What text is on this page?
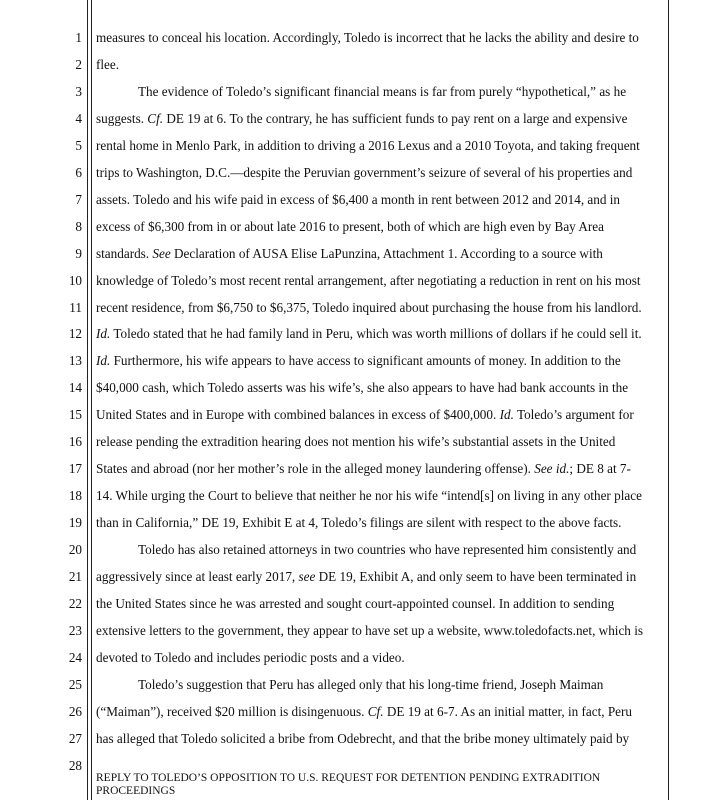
1 measures to conceal his location. Accordingly, Toledo is incorrect that he lacks the ability and desire to
2 flee.
3	The evidence of Toledo’s significant financial means is far from purely “hypothetical,” as he
4 suggests. Cf. DE 19 at 6. To the contrary, he has sufficient funds to pay rent on a large and expensive
5 rental home in Menlo Park, in addition to driving a 2016 Lexus and a 2010 Toyota, and taking frequent
6 trips to Washington, D.C.—despite the Peruvian government’s seizure of several of his properties and
7 assets. Toledo and his wife paid in excess of $6,400 a month in rent between 2012 and 2014, and in
8 excess of $6,300 from in or about late 2016 to present, both of which are high even by Bay Area
9 standards. See Declaration of AUSA Elise LaPunzina, Attachment 1. According to a source with
10 knowledge of Toledo’s most recent rental arrangement, after negotiating a reduction in rent on his most
11 recent residence, from $6,750 to $6,375, Toledo inquired about purchasing the house from his landlord.
12 Id. Toledo stated that he had family land in Peru, which was worth millions of dollars if he could sell it.
13 Id. Furthermore, his wife appears to have access to significant amounts of money. In addition to the
14 $40,000 cash, which Toledo asserts was his wife’s, she also appears to have had bank accounts in the
15 United States and in Europe with combined balances in excess of $400,000. Id. Toledo’s argument for
16 release pending the extradition hearing does not mention his wife’s substantial assets in the United
17 States and abroad (nor her mother’s role in the alleged money laundering offense). See id.; DE 8 at 7-
18 14. While urging the Court to believe that neither he nor his wife “intend[s] on living in any other place
19 than in California,” DE 19, Exhibit E at 4, Toledo’s filings are silent with respect to the above facts.
20	Toledo has also retained attorneys in two countries who have represented him consistently and
21 aggressively since at least early 2017, see DE 19, Exhibit A, and only seem to have been terminated in
22 the United States since he was arrested and sought court-appointed counsel. In addition to sending
23 extensive letters to the government, they appear to have set up a website, www.toledofacts.net, which is
24 devoted to Toledo and includes periodic posts and a video.
25	Toledo’s suggestion that Peru has alleged only that his long-time friend, Joseph Maiman
26 (“Maiman”), received $20 million is disingenuous. Cf. DE 19 at 6-7. As an initial matter, in fact, Peru
27 has alleged that Toledo solicited a bribe from Odebrecht, and that the bribe money ultimately paid by
28
REPLY TO TOLEDO’S OPPOSITION TO U.S. REQUEST FOR DETENTION PENDING EXTRADITION
PROCEEDINGS
